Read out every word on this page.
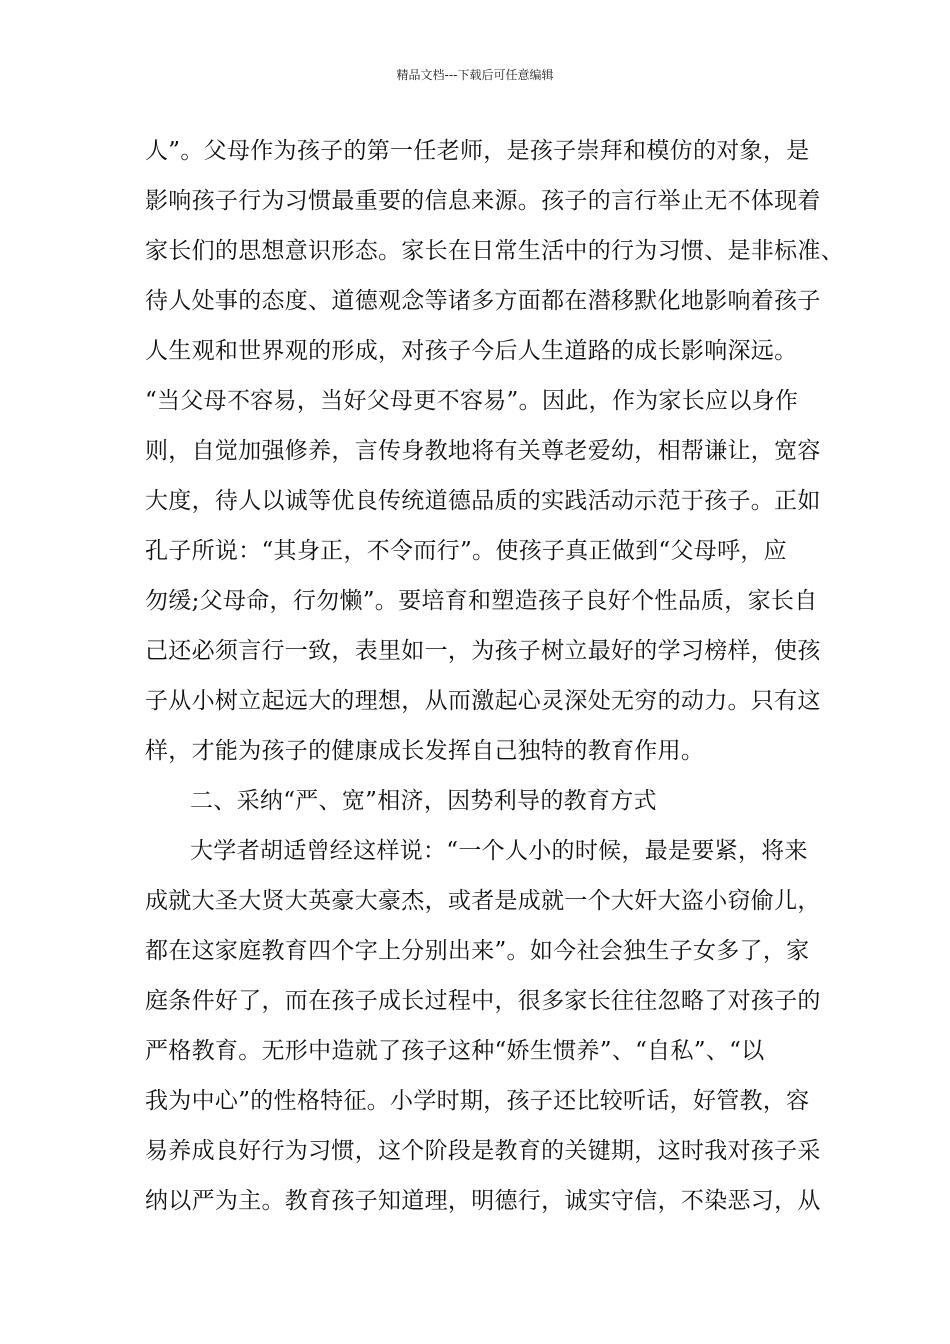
精品文档---下载后可任意编辑
人”。父母作为孩子的第一任老师，是孩子崇拜和模仿的对象，是
影响孩子行为习惯最重要的信息来源。孩子的言行举止无不体现着
家长们的思想意识形态。家长在日常生活中的行为习惯、是非标准、
待人处事的态度、道德观念等诸多方面都在潜移默化地影响着孩子
人生观和世界观的形成，对孩子今后人生道路的成长影响深远。
“当父母不容易，当好父母更不容易”。因此，作为家长应以身作
则，自觉加强修养，言传身教地将有关尊老爱幼，相帮谦让，宽容
大度，待人以诚等优良传统道德品质的实践活动示范于孩子。正如
孔子所说：“其身正，不令而行”。使孩子真正做到“父母呼，应
勿缓;父母命，行勿懒”。要培育和塑造孩子良好个性品质，家长自
己还必须言行一致，表里如一，为孩子树立最好的学习榜样，使孩
子从小树立起远大的理想，从而激起心灵深处无穷的动力。只有这
样，才能为孩子的健康成长发挥自己独特的教育作用。
二、采纳“严、宽”相济，因势利导的教育方式
大学者胡适曾经这样说：“一个人小的时候，最是要紧，将来
成就大圣大贤大英豪大豪杰，或者是成就一个大奸大盗小窃偷儿，
都在这家庭教育四个字上分别出来”。如今社会独生子女多了，家
庭条件好了，而在孩子成长过程中，很多家长往往忽略了对孩子的
严格教育。无形中造就了孩子这种“娇生惯养”、“自私”、“以
我为中心”的性格特征。小学时期，孩子还比较听话，好管教，容
易养成良好行为习惯，这个阶段是教育的关键期，这时我对孩子采
纳以严为主。教育孩子知道理，明德行，诚实守信，不染恶习，从
